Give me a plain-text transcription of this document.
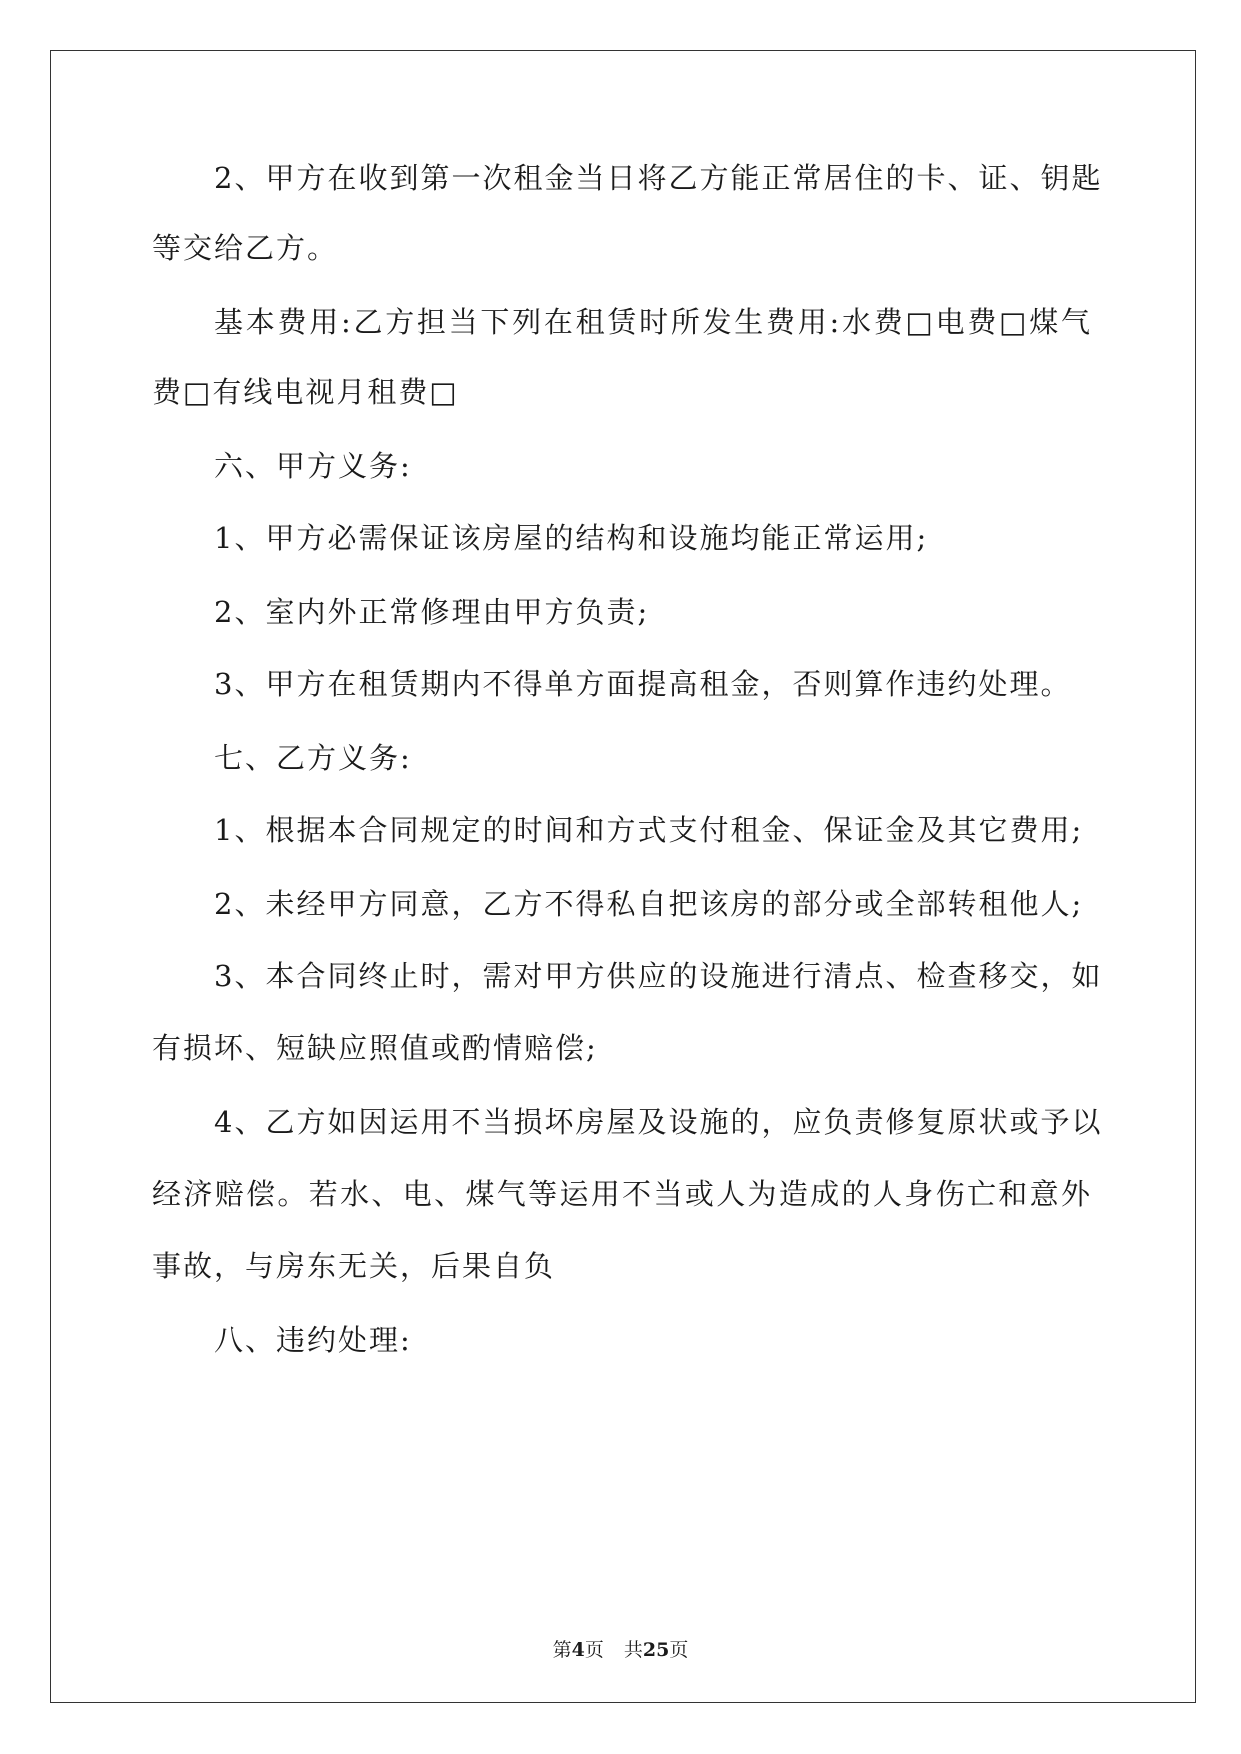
2、甲方在收到第一次租金当日将乙方能正常居住的卡、证、钥匙
等交给乙方。
基本费用:乙方担当下列在租赁时所发生费用:水费□电费□煤气
费□有线电视月租费□
六、甲方义务:
1、甲方必需保证该房屋的结构和设施均能正常运用;
2、室内外正常修理由甲方负责;
3、甲方在租赁期内不得单方面提高租金，否则算作违约处理。
七、乙方义务:
1、根据本合同规定的时间和方式支付租金、保证金及其它费用;
2、未经甲方同意，乙方不得私自把该房的部分或全部转租他人;
3、本合同终止时，需对甲方供应的设施进行清点、检查移交，如
有损坏、短缺应照值或酌情赔偿;
4、乙方如因运用不当损坏房屋及设施的，应负责修复原状或予以
经济赔偿。若水、电、煤气等运用不当或人为造成的人身伤亡和意外
事故，与房东无关，后果自负
八、违约处理:
第4页 共25页
